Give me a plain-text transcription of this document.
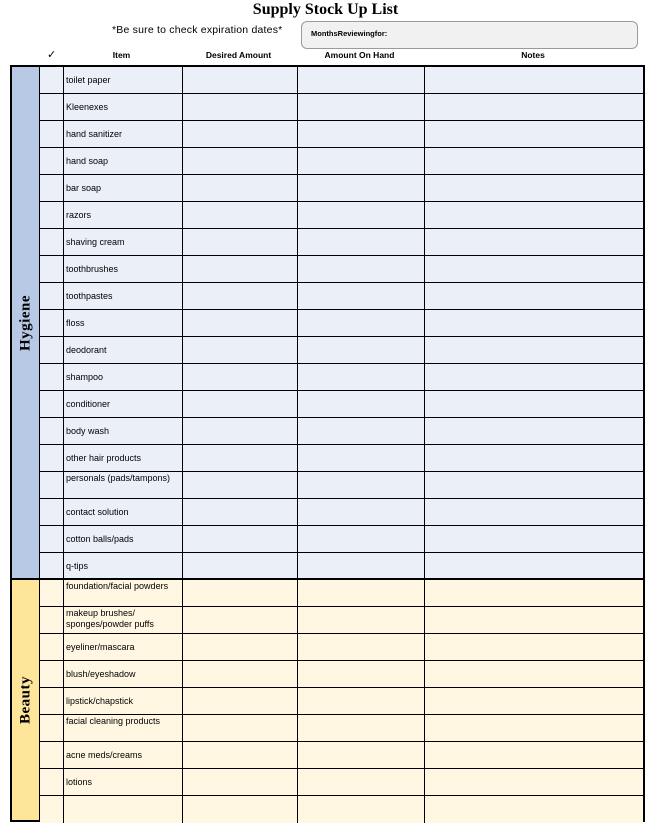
Supply Stock Up List
*Be sure to check expiration dates*	MonthsReviewingfor:
✓	Item	Desired Amount	Amount On Hand	Notes
Hygiene
toilet paper
Kleenexes
hand sanitizer
hand soap
bar soap
razors
shaving cream
toothbrushes
toothpastes
floss
deodorant
shampoo
conditioner
body wash
other hair products
personals (pads/tampons)
contact solution
cotton balls/pads
q-tips
Beauty
foundation/facial powders
makeup brushes/ sponges/powder puffs
eyeliner/mascara
blush/eyeshadow
lipstick/chapstick
facial cleaning products
acne meds/creams
lotions
